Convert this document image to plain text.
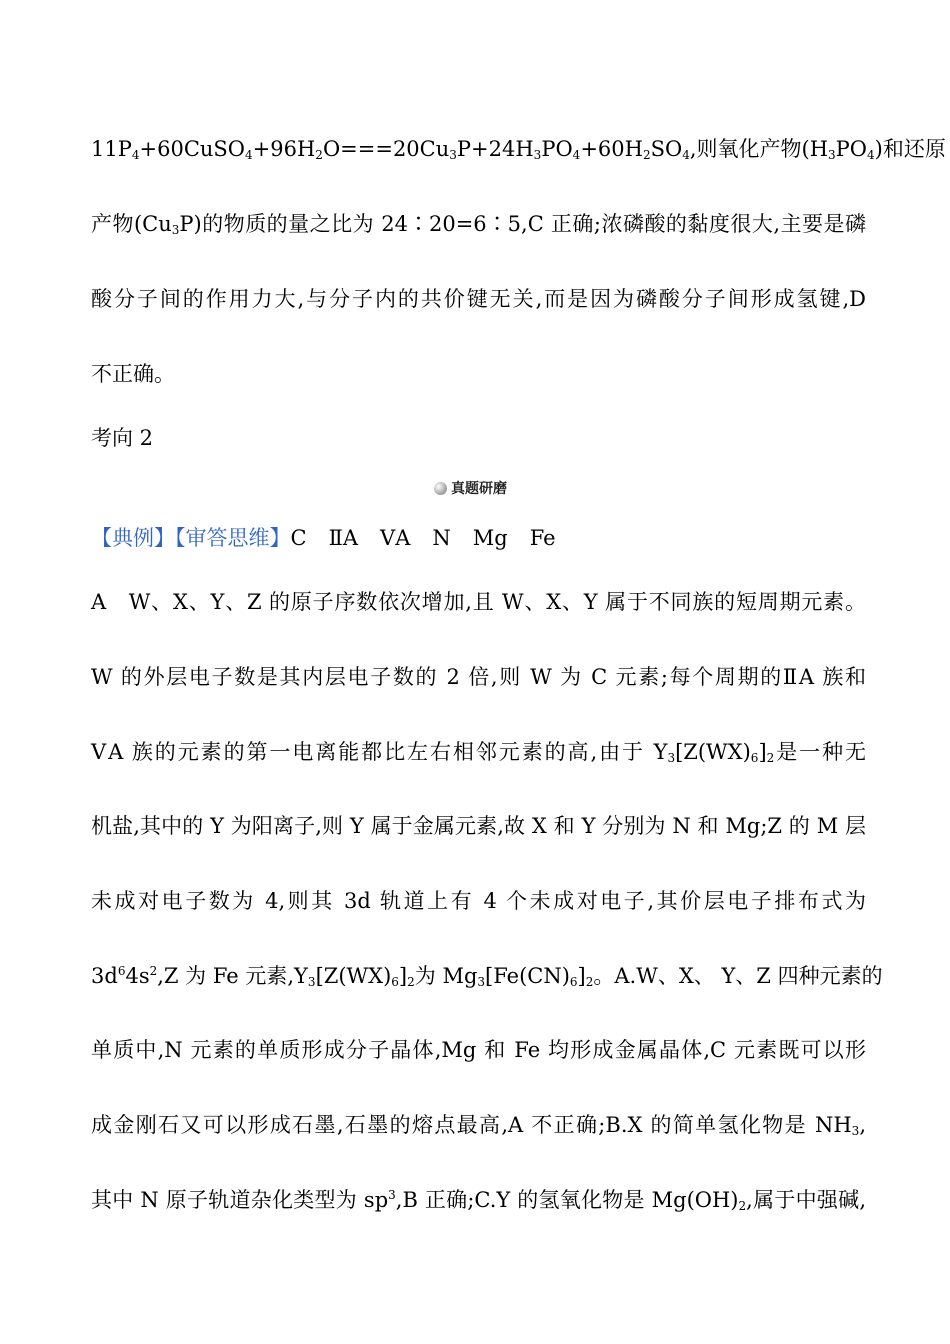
$11P_4+60CuSO_4+96H_2O===20Cu_3P+24H_3PO_4+60H_2SO_4$,则氧化产物$(H_3PO_4)$和还原
产物$(Cu_3P)$的物质的量之比为 24∶20=6∶5,C 正确;浓磷酸的黏度很大,主要是磷
酸分子间的作用力大,与分子内的共价键无关,而是因为磷酸分子间形成氢键,D
不正确。
考向 2
真题研磨
【典例】【审答思维】C ⅡA ⅤA N Mg Fe
A　W、X、Y、Z 的原子序数依次增加,且 W、X、Y 属于不同族的短周期元素。
W 的外层电子数是其内层电子数的 2 倍,则 W 为 C 元素;每个周期的ⅡA 族和
ⅤA 族的元素的第一电离能都比左右相邻元素的高,由于 $Y_3[Z(WX)_6]_2$是一种无
机盐,其中的 Y 为阳离子,则 Y 属于金属元素,故 X 和 Y 分别为 N 和 Mg;Z 的 M 层
未成对电子数为 4,则其 3d 轨道上有 4 个未成对电子,其价层电子排布式为
$3d^64s^2,Z$ 为 Fe 元素$,Y_3[Z(WX)_6]_2$为 $Mg_3[Fe(CN)_6]_2$。A.W、X、 Y、Z 四种元素的
单质中,N 元素的单质形成分子晶体,Mg 和 Fe 均形成金属晶体,C 元素既可以形
成金刚石又可以形成石墨,石墨的熔点最高,A 不正确;B.X 的简单氢化物是 $NH_3$,
其中 N 原子轨道杂化类型为 $sp^3,B$ 正确;C.Y 的氢氧化物是 $Mg(OH)_2$,属于中强碱,
